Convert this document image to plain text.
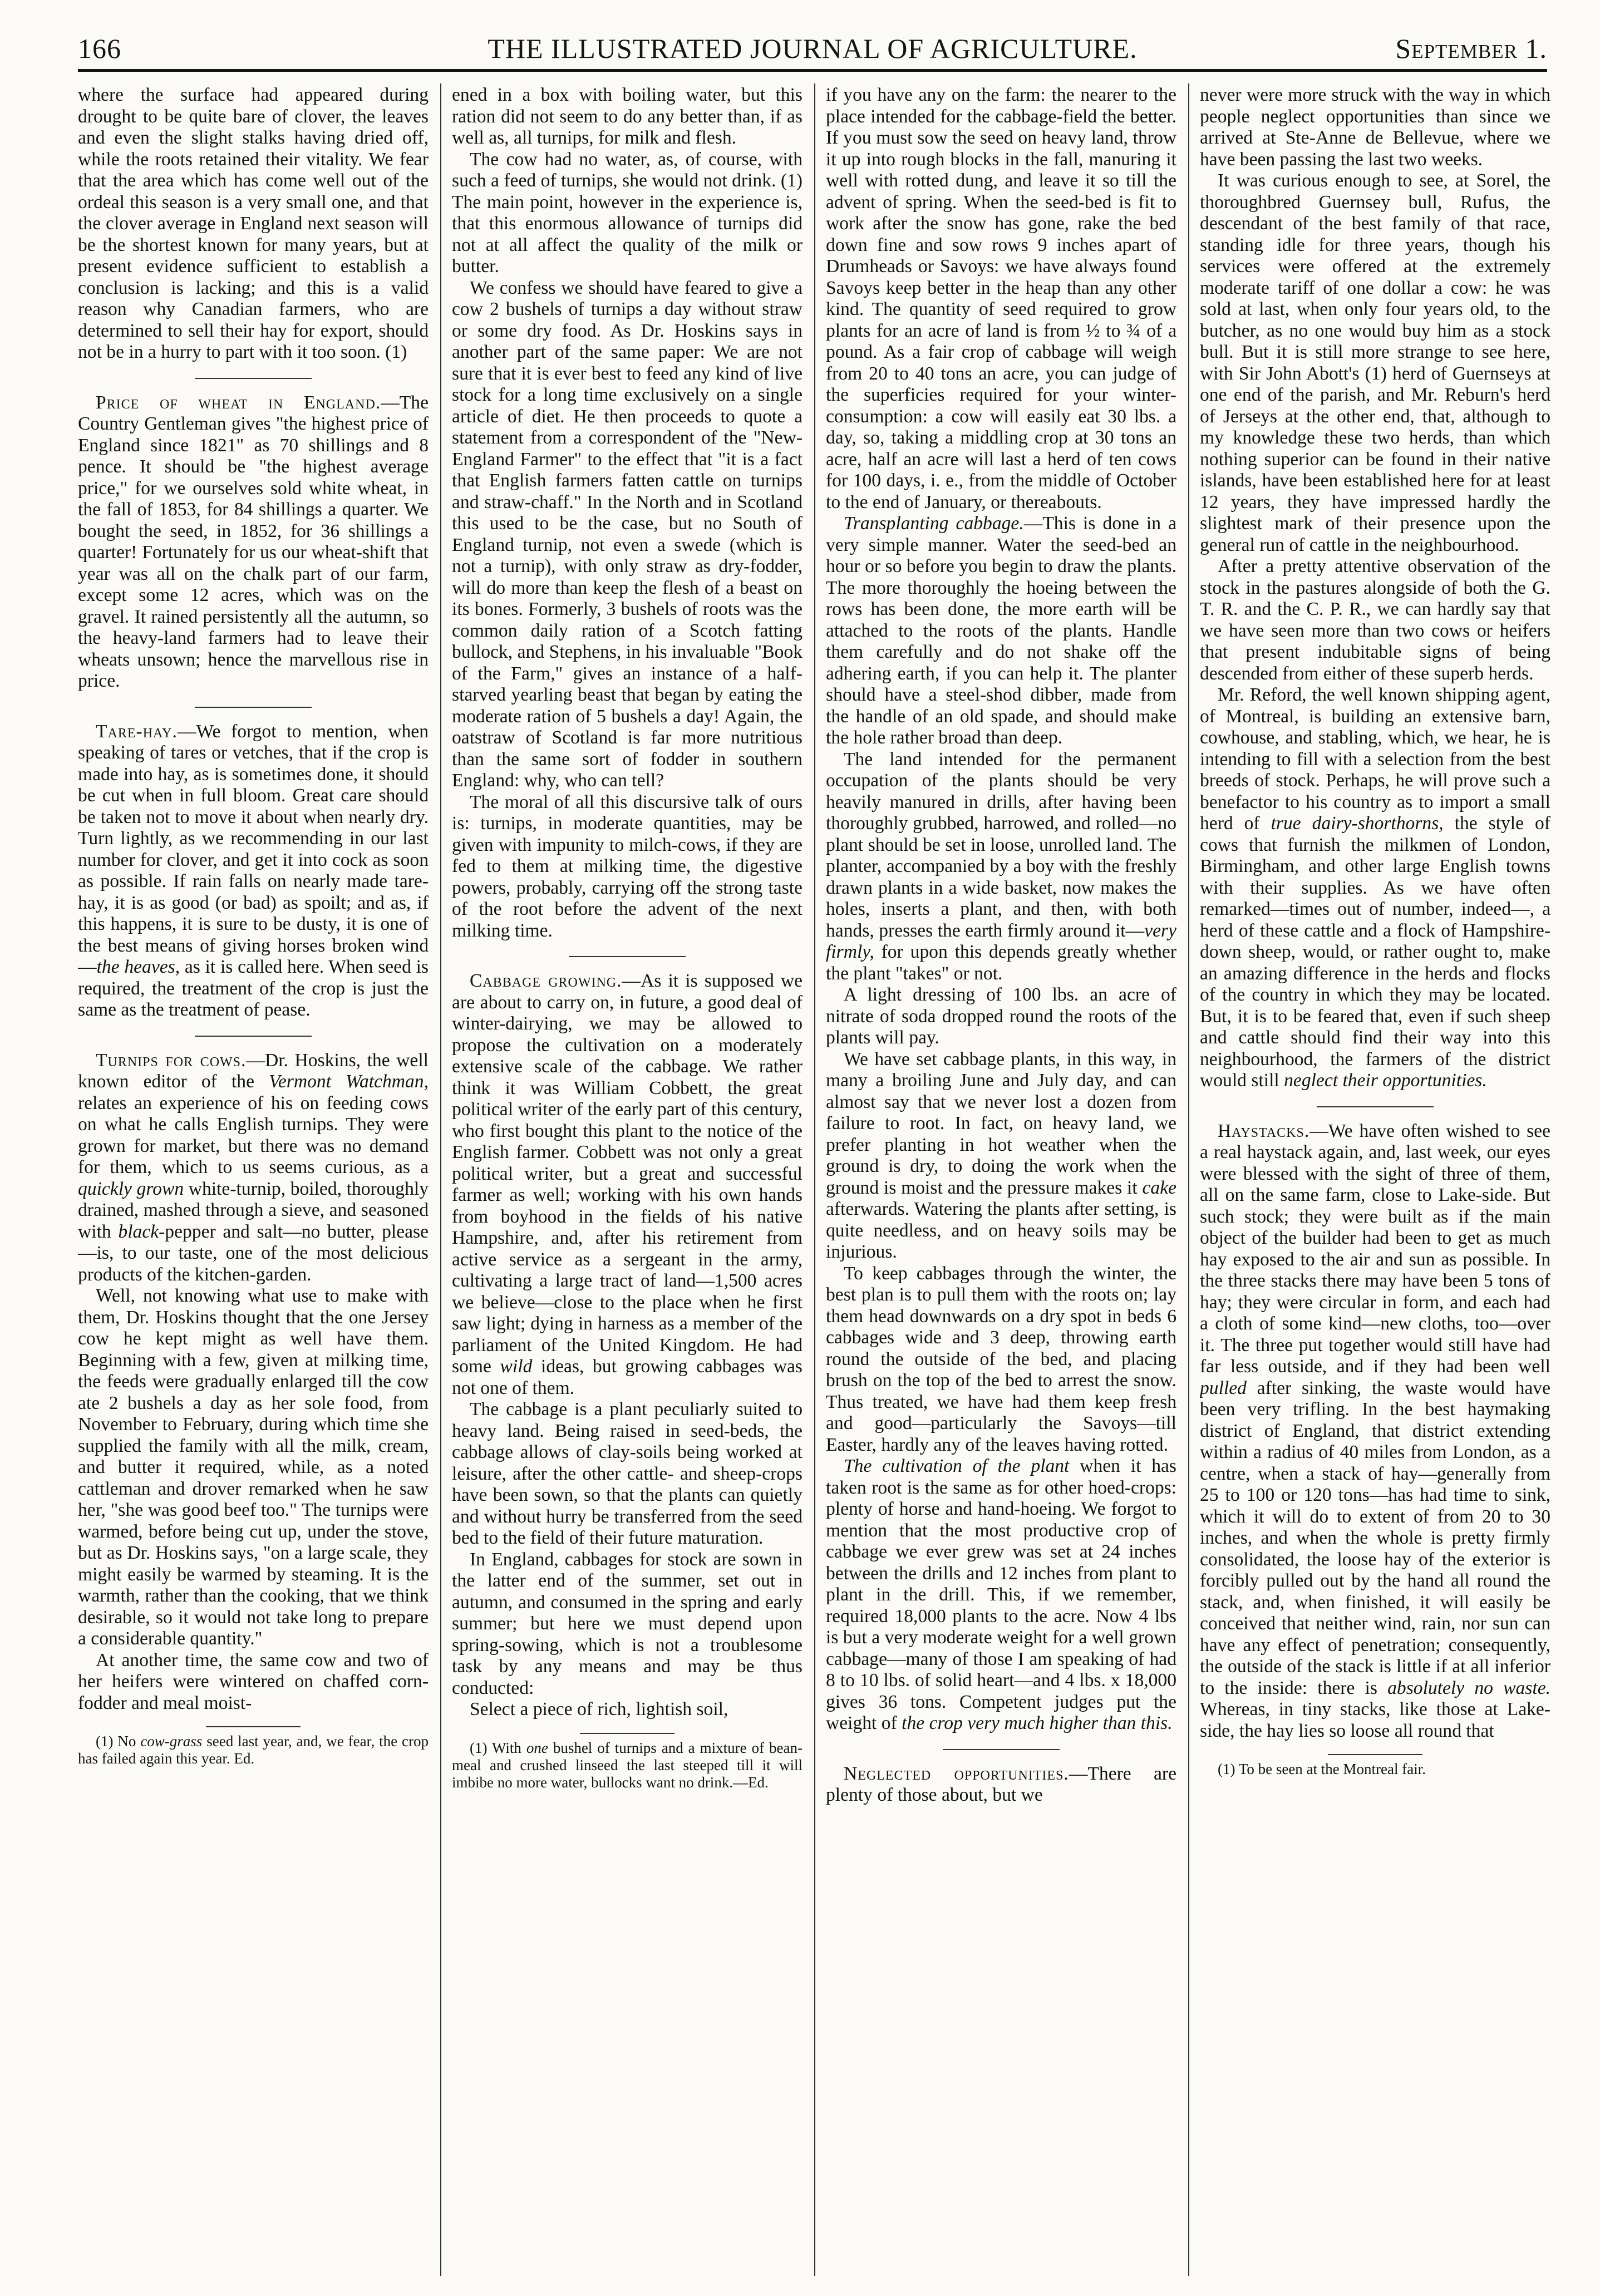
166	THE ILLUSTRATED JOURNAL OF AGRICULTURE.	September 1.

where the surface had appeared during drought to be quite bare of clover, the leaves and even the slight stalks having dried off, while the roots retained their vitality. We fear that the area which has come well out of the ordeal this season is a very small one, and that the clover average in England next season will be the shortest known for many years, but at present evidence sufficient to establish a conclusion is lacking; and this is a valid reason why Canadian farmers, who are determined to sell their hay for export, should not be in a hurry to part with it too soon. (1)

Price of wheat in England.—The Country Gentleman gives "the highest price of England since 1821" as 70 shillings and 8 pence. It should be "the highest average price," for we ourselves sold white wheat, in the fall of 1853, for 84 shillings a quarter. We bought the seed, in 1852, for 36 shillings a quarter! Fortunately for us our wheat-shift that year was all on the chalk part of our farm, except some 12 acres, which was on the gravel. It rained persistently all the autumn, so the heavy-land farmers had to leave their wheats unsown; hence the marvellous rise in price.

Tare-hay.—We forgot to mention, when speaking of tares or vetches, that if the crop is made into hay, as is sometimes done, it should be cut when in full bloom. Great care should be taken not to move it about when nearly dry. Turn lightly, as we recommending in our last number for clover, and get it into cock as soon as possible. If rain falls on nearly made tare-hay, it is as good (or bad) as spoilt; and as, if this happens, it is sure to be dusty, it is one of the best means of giving horses broken wind—the heaves, as it is called here. When seed is required, the treatment of the crop is just the same as the treatment of pease.

Turnips for cows.—Dr. Hoskins, the well known editor of the Vermont Watchman, relates an experience of his on feeding cows on what he calls English turnips. They were grown for market, but there was no demand for them, which to us seems curious, as a quickly grown white-turnip, boiled, thoroughly drained, mashed through a sieve, and seasoned with black-pepper and salt—no butter, please—is, to our taste, one of the most delicious products of the kitchen-garden.

Well, not knowing what use to make with them, Dr. Hoskins thought that the one Jersey cow he kept might as well have them. Beginning with a few, given at milking time, the feeds were gradually enlarged till the cow ate 2 bushels a day as her sole food, from November to February, during which time she supplied the family with all the milk, cream, and butter it required, while, as a noted cattleman and drover remarked when he saw her, "she was good beef too." The turnips were warmed, before being cut up, under the stove, but as Dr. Hoskins says, "on a large scale, they might easily be warmed by steaming. It is the warmth, rather than the cooking, that we think desirable, so it would not take long to prepare a considerable quantity."

At another time, the same cow and two of her heifers were wintered on chaffed corn-fodder and meal moist-

(1) No cow-grass seed last year, and, we fear, the crop has failed again this year. Ed.

ened in a box with boiling water, but this ration did not seem to do any better than, if as well as, all turnips, for milk and flesh.

The cow had no water, as, of course, with such a feed of turnips, she would not drink. (1) The main point, however in the experience is, that this enormous allowance of turnips did not at all affect the quality of the milk or butter.

We confess we should have feared to give a cow 2 bushels of turnips a day without straw or some dry food. As Dr. Hoskins says in another part of the same paper: We are not sure that it is ever best to feed any kind of live stock for a long time exclusively on a single article of diet. He then proceeds to quote a statement from a correspondent of the "New-England Farmer" to the effect that "it is a fact that English farmers fatten cattle on turnips and straw-chaff." In the North and in Scotland this used to be the case, but no South of England turnip, not even a swede (which is not a turnip), with only straw as dry-fodder, will do more than keep the flesh of a beast on its bones. Formerly, 3 bushels of roots was the common daily ration of a Scotch fatting bullock, and Stephens, in his invaluable "Book of the Farm," gives an instance of a half-starved yearling beast that began by eating the moderate ration of 5 bushels a day! Again, the oatstraw of Scotland is far more nutritious than the same sort of fodder in southern England: why, who can tell?

The moral of all this discursive talk of ours is: turnips, in moderate quantities, may be given with impunity to milch-cows, if they are fed to them at milking time, the digestive powers, probably, carrying off the strong taste of the root before the advent of the next milking time.

Cabbage growing.—As it is supposed we are about to carry on, in future, a good deal of winter-dairying, we may be allowed to propose the cultivation on a moderately extensive scale of the cabbage. We rather think it was William Cobbett, the great political writer of the early part of this century, who first bought this plant to the notice of the English farmer. Cobbett was not only a great political writer, but a great and successful farmer as well; working with his own hands from boyhood in the fields of his native Hampshire, and, after his retirement from active service as a sergeant in the army, cultivating a large tract of land—1,500 acres we believe—close to the place when he first saw light; dying in harness as a member of the parliament of the United Kingdom. He had some wild ideas, but growing cabbages was not one of them.

The cabbage is a plant peculiarly suited to heavy land. Being raised in seed-beds, the cabbage allows of clay-soils being worked at leisure, after the other cattle- and sheep-crops have been sown, so that the plants can quietly and without hurry be transferred from the seed bed to the field of their future maturation.

In England, cabbages for stock are sown in the latter end of the summer, set out in autumn, and consumed in the spring and early summer; but here we must depend upon spring-sowing, which is not a troublesome task by any means and may be thus conducted:

Select a piece of rich, lightish soil,

(1) With one bushel of turnips and a mixture of bean-meal and crushed linseed the last steeped till it will imbibe no more water, bullocks want no drink.—Ed.

if you have any on the farm: the nearer to the place intended for the cabbage-field the better. If you must sow the seed on heavy land, throw it up into rough blocks in the fall, manuring it well with rotted dung, and leave it so till the advent of spring. When the seed-bed is fit to work after the snow has gone, rake the bed down fine and sow rows 9 inches apart of Drumheads or Savoys: we have always found Savoys keep better in the heap than any other kind. The quantity of seed required to grow plants for an acre of land is from ½ to ¾ of a pound. As a fair crop of cabbage will weigh from 20 to 40 tons an acre, you can judge of the superficies required for your winter-consumption: a cow will easily eat 30 lbs. a day, so, taking a middling crop at 30 tons an acre, half an acre will last a herd of ten cows for 100 days, i. e., from the middle of October to the end of January, or thereabouts.

Transplanting cabbage.—This is done in a very simple manner. Water the seed-bed an hour or so before you begin to draw the plants. The more thoroughly the hoeing between the rows has been done, the more earth will be attached to the roots of the plants. Handle them carefully and do not shake off the adhering earth, if you can help it. The planter should have a steel-shod dibber, made from the handle of an old spade, and should make the hole rather broad than deep.

The land intended for the permanent occupation of the plants should be very heavily manured in drills, after having been thoroughly grubbed, harrowed, and rolled—no plant should be set in loose, unrolled land. The planter, accompanied by a boy with the freshly drawn plants in a wide basket, now makes the holes, inserts a plant, and then, with both hands, presses the earth firmly around it—very firmly, for upon this depends greatly whether the plant "takes" or not.

A light dressing of 100 lbs. an acre of nitrate of soda dropped round the roots of the plants will pay.

We have set cabbage plants, in this way, in many a broiling June and July day, and can almost say that we never lost a dozen from failure to root. In fact, on heavy land, we prefer planting in hot weather when the ground is dry, to doing the work when the ground is moist and the pressure makes it cake afterwards. Watering the plants after setting, is quite needless, and on heavy soils may be injurious.

To keep cabbages through the winter, the best plan is to pull them with the roots on; lay them head downwards on a dry spot in beds 6 cabbages wide and 3 deep, throwing earth round the outside of the bed, and placing brush on the top of the bed to arrest the snow. Thus treated, we have had them keep fresh and good—particularly the Savoys—till Easter, hardly any of the leaves having rotted.

The cultivation of the plant when it has taken root is the same as for other hoed-crops: plenty of horse and hand-hoeing. We forgot to mention that the most productive crop of cabbage we ever grew was set at 24 inches between the drills and 12 inches from plant to plant in the drill. This, if we remember, required 18,000 plants to the acre. Now 4 lbs is but a very moderate weight for a well grown cabbage—many of those I am speaking of had 8 to 10 lbs. of solid heart—and 4 lbs. x 18,000 gives 36 tons. Competent judges put the weight of the crop very much higher than this.

Neglected opportunities.—There are plenty of those about, but we

never were more struck with the way in which people neglect opportunities than since we arrived at Ste-Anne de Bellevue, where we have been passing the last two weeks.

It was curious enough to see, at Sorel, the thoroughbred Guernsey bull, Rufus, the descendant of the best family of that race, standing idle for three years, though his services were offered at the extremely moderate tariff of one dollar a cow: he was sold at last, when only four years old, to the butcher, as no one would buy him as a stock bull. But it is still more strange to see here, with Sir John Abott's (1) herd of Guernseys at one end of the parish, and Mr. Reburn's herd of Jerseys at the other end, that, although to my knowledge these two herds, than which nothing superior can be found in their native islands, have been established here for at least 12 years, they have impressed hardly the slightest mark of their presence upon the general run of cattle in the neighbourhood.

After a pretty attentive observation of the stock in the pastures alongside of both the G. T. R. and the C. P. R., we can hardly say that we have seen more than two cows or heifers that present indubitable signs of being descended from either of these superb herds.

Mr. Reford, the well known shipping agent, of Montreal, is building an extensive barn, cowhouse, and stabling, which, we hear, he is intending to fill with a selection from the best breeds of stock. Perhaps, he will prove such a benefactor to his country as to import a small herd of true dairy-shorthorns, the style of cows that furnish the milkmen of London, Birmingham, and other large English towns with their supplies. As we have often remarked—times out of number, indeed—, a herd of these cattle and a flock of Hampshire-down sheep, would, or rather ought to, make an amazing difference in the herds and flocks of the country in which they may be located. But, it is to be feared that, even if such sheep and cattle should find their way into this neighbourhood, the farmers of the district would still neglect their opportunities.

Haystacks.—We have often wished to see a real haystack again, and, last week, our eyes were blessed with the sight of three of them, all on the same farm, close to Lake-side. But such stock; they were built as if the main object of the builder had been to get as much hay exposed to the air and sun as possible. In the three stacks there may have been 5 tons of hay; they were circular in form, and each had a cloth of some kind—new cloths, too—over it. The three put together would still have had far less outside, and if they had been well pulled after sinking, the waste would have been very trifling. In the best haymaking district of England, that district extending within a radius of 40 miles from London, as a centre, when a stack of hay—generally from 25 to 100 or 120 tons—has had time to sink, which it will do to extent of from 20 to 30 inches, and when the whole is pretty firmly consolidated, the loose hay of the exterior is forcibly pulled out by the hand all round the stack, and, when finished, it will easily be conceived that neither wind, rain, nor sun can have any effect of penetration; consequently, the outside of the stack is little if at all inferior to the inside: there is absolutely no waste. Whereas, in tiny stacks, like those at Lake-side, the hay lies so loose all round that

(1) To be seen at the Montreal fair.
